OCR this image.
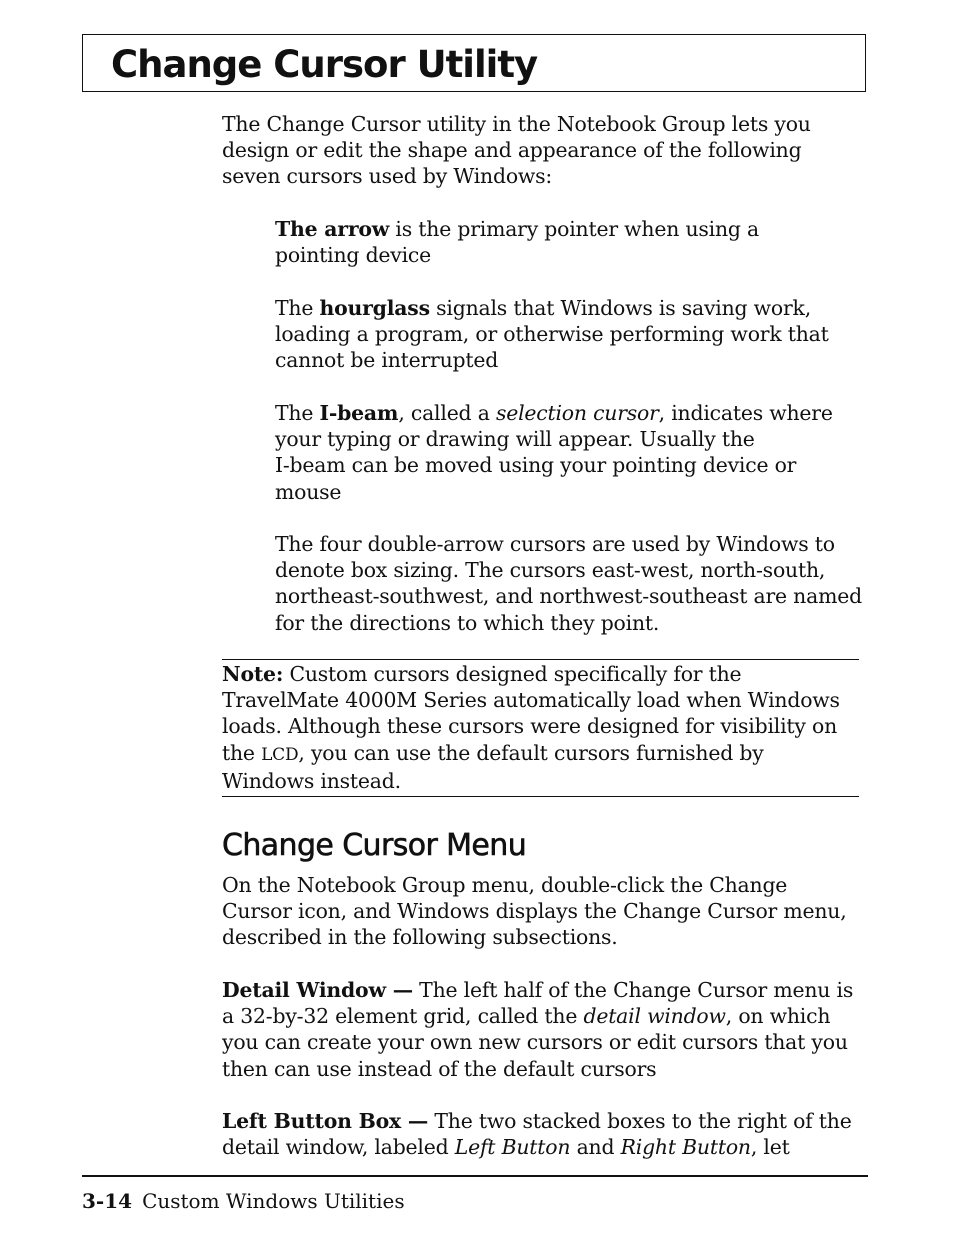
Change Cursor Utility

The Change Cursor utility in the Notebook Group lets you design or edit the shape and appearance of the following seven cursors used by Windows:

The arrow is the primary pointer when using a pointing device

The hourglass signals that Windows is saving work, loading a program, or otherwise performing work that cannot be interrupted

The I-beam, called a selection cursor, indicates where your typing or drawing will appear. Usually the
I-beam can be moved using your pointing device or mouse

The four double-arrow cursors are used by Windows to denote box sizing. The cursors east-west, north-south, northeast-southwest, and northwest-southeast are named for the directions to which they point.

Note: Custom cursors designed specifically for the TravelMate 4000M Series automatically load when Windows loads. Although these cursors were designed for visibility on the LCD, you can use the default cursors furnished by Windows instead.

Change Cursor Menu

On the Notebook Group menu, double-click the Change Cursor icon, and Windows displays the Change Cursor menu, described in the following subsections.

Detail Window — The left half of the Change Cursor menu is a 32-by-32 element grid, called the detail window, on which you can create your own new cursors or edit cursors that you then can use instead of the default cursors

Left Button Box — The two stacked boxes to the right of the detail window, labeled Left Button and Right Button, let

3-14 Custom Windows Utilities
